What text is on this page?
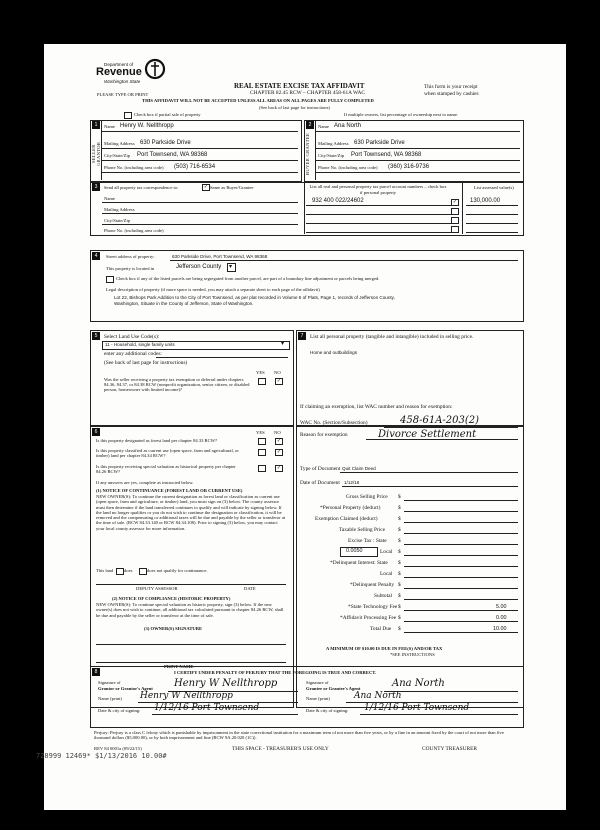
Department of
Revenue
Washington State
PLEASE TYPE OR PRINT
REAL ESTATE EXCISE TAX AFFIDAVIT
CHAPTER 82.45 RCW – CHAPTER 458-61A WAC
THIS AFFIDAVIT WILL NOT BE ACCEPTED UNLESS ALL AREAS ON ALL PAGES ARE FULLY COMPLETED
(See back of last page for instructions)
This form is your receipt
when stamped by cashier.
Check box if partial sale of property	If multiple owners, list percentage of ownership next to name.
1	2
SELLER GRANTOR	BUYER GRANTEE
Name Henry W. Nellthropp
Mailing Address 630 Parkside Drive
City/State/Zip Port Townsend, WA 98368
Phone No. (including area code) (503) 716-6534
Name Ana North
Mailing Address 630 Parkside Drive
City/State/Zip Port Townsend, WA 98368
Phone No. (including area code) (360) 316-9736
3	Send all property tax correspondence to:	✓ Same as Buyer/Grantee
Name
Mailing Address
City/State/Zip
Phone No. (including area code)
List all real and personal property tax parcel account numbers – check box if personal property
List assessed value(s)
932 400 022/24602	130,000.00
✓
4	Street address of property:	630 Parkside Drive, Port Townsend, WA 98368
This property is located in	Jefferson County ▾
Check box if any of the listed parcels are being segregated from another parcel, are part of a boundary line adjustment or parcels being merged.
Legal description of property (if more space is needed, you may attach a separate sheet to each page of the affidavit)
Lot 22, Bishops Park Addition to the City of Port Townsend, as per plat recorded in Volume 5 of Plats, Page 1, records of Jefferson County,
Washington, Situate in the County of Jefferson, State of Washington.
5	Select Land Use Code(s):
11 - Household, single family units	▾
enter any additional codes:
(See back of last page for instructions)
YES NO
Was the seller receiving a property tax exemption or deferral under chapters 84.36, 84.37, or 84.38 RCW (nonprofit organization, senior citizen, or disabled person, homeowner with limited income)?
✓
7	List all personal property (tangible and intangible) included in selling price.
Home and outbuildings
6	YES NO
Is this property designated as forest land per chapter 84.33 RCW?	✓
Is this property classified as current use (open space, farm and agricultural, or timber) land per chapter 84.34 RCW?
✓
Is this property receiving special valuation as historical property per chapter 84.26 RCW?
✓
If any answers are yes, complete as instructed below.
(1) NOTICE OF CONTINUANCE (FOREST LAND OR CURRENT USE)
NEW OWNER(S): To continue the current designation as forest land or classification as current use (open space, farm and agriculture, or timber) land, you must sign on (3) below. The county assessor must then determine if the land transferred continues to qualify and will indicate by signing below. If the land no longer qualifies or you do not wish to continue the designation or classification, it will be removed and the compensating or additional taxes will be due and payable by the seller or transferor at the time of sale. (RCW 84.33.140 or RCW 84.34.108). Prior to signing (3) below, you may contact your local county assessor for more information.
This land does	does not qualify for continuance.
DEPUTY ASSESSOR	DATE
(2) NOTICE OF COMPLIANCE (HISTORIC PROPERTY)
NEW OWNER(S): To continue special valuation as historic property, sign (3) below. If the new owner(s) does not wish to continue, all additional tax calculated pursuant to chapter 84.26 RCW, shall be due and payable by the seller or transferor at the time of sale.
(3) OWNER(S) SIGNATURE
PRINT NAME
If claiming an exemption, list WAC number and reason for exemption:
WAC No. (Section/Subsection)	458-61A-203(2)
Reason for exemption	Divorce Settlement
Type of Document Quit Claim Deed
Date of Document 1/12/16
Gross Selling Price $
*Personal Property (deduct)	$
Exemption Claimed (deduct)	$
Taxable Selling Price $
Excise Tax : State $
0.0050	Local $
*Delinquent Interest: State $
Local $
*Delinquent Penalty $
Subtotal $
*State Technology Fee $	5.00
*Affidavit Processing Fee $	0.00
Total Due $	10.00
A MINIMUM OF $10.00 IS DUE IN FEE(S) AND/OR TAX
*SEE INSTRUCTIONS
8	I CERTIFY UNDER PENALTY OF PERJURY THAT THE FOREGOING IS TRUE AND CORRECT.
Signature of
Grantor or Grantor's Agent Henry W Nellthropp
Name (print) Henry W Nellthropp
Date & city of signing: 1/12/16 Port Townsend
Signature of
Grantee or Grantee's Agent	Ana North
Name (print)	Ana North
Date & city of signing: 1/12/16 Port Townsend
Perjury: Perjury is a class C felony which is punishable by imprisonment in the state correctional institution for a maximum term of not more than five years, or by a fine in an amount fixed by the court of not more than five thousand dollars ($5,000.00), or by both imprisonment and fine (RCW 9A.20.020 (1C)).
REV 84 0001a (09/22/15)	THIS SPACE - TREASURER'S USE ONLY	COUNTY TREASURER
728999 12469* $1/13/2016 10.00#
